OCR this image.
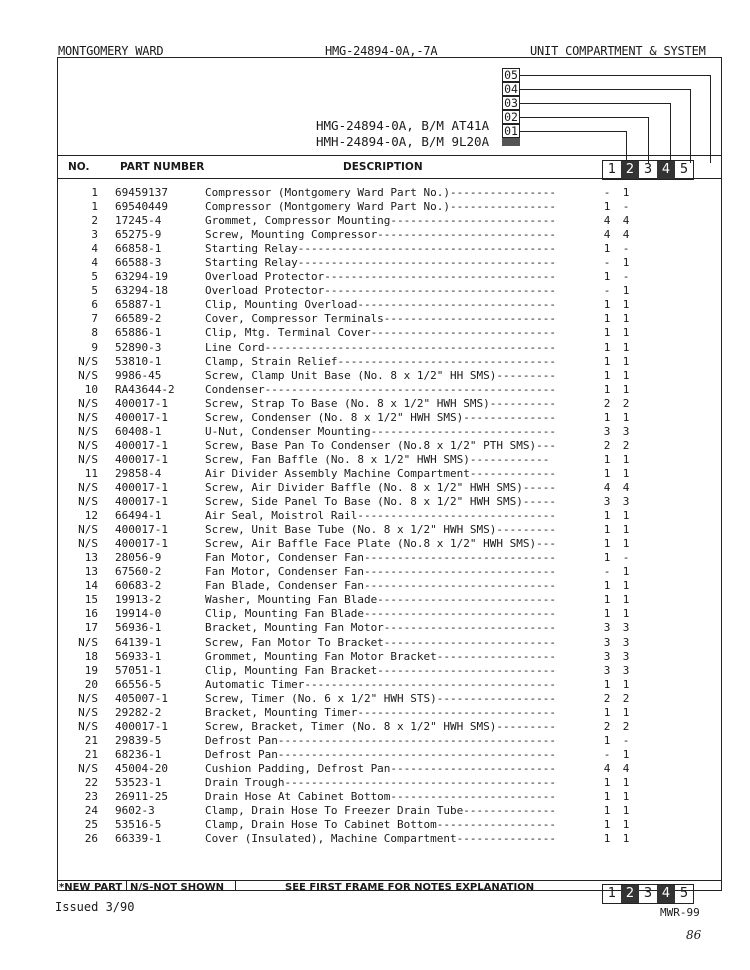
MONTGOMERY WARD	HMG-24894-0A,-7A	UNIT COMPARTMENT & SYSTEM
HMG-24894-0A, B/M AT41A
HMH-24894-0A, B/M 9L20A
05
04
03
02
01
NO.	PART NUMBER	DESCRIPTION	1 2 3 4 5
1 69459137	Compressor (Montgomery Ward Part No.)----------------	-	1
1 69540449	Compressor (Montgomery Ward Part No.)----------------	1	-
2 17245-4	Grommet, Compressor Mounting-------------------------	4	4
3 65275-9	Screw, Mounting Compressor---------------------------	4	4
4 66858-1	Starting Relay---------------------------------------	1	-
4 66588-3	Starting Relay---------------------------------------	-	1
5 63294-19	Overload Protector-----------------------------------	1	-
5 63294-18	Overload Protector-----------------------------------	-	1
6 65887-1	Clip, Mounting Overload------------------------------	1	1
7 66589-2	Cover, Compressor Terminals--------------------------	1	1
8 65886-1	Clip, Mtg. Terminal Cover----------------------------	1	1
9 52890-3	Line Cord--------------------------------------------	1	1
N/S 53810-1	Clamp, Strain Relief---------------------------------	1	1
N/S 9986-45	Screw, Clamp Unit Base (No. 8 x 1/2" HH SMS)---------	1	1
10 RA43644-2	Condenser--------------------------------------------	1	1
N/S 400017-1	Screw, Strap To Base (No. 8 x 1/2" HWH SMS)----------	2	2
N/S 400017-1	Screw, Condenser (No. 8 x 1/2" HWH SMS)--------------	1	1
N/S 60408-1	U-Nut, Condenser Mounting----------------------------	3	3
N/S 400017-1	Screw, Base Pan To Condenser (No.8 x 1/2" PTH SMS)---	2	2
N/S 400017-1	Screw, Fan Baffle (No. 8 x 1/2" HWH SMS)------------	1	1
11 29858-4	Air Divider Assembly Machine Compartment-------------	1	1
N/S 400017-1	Screw, Air Divider Baffle (No. 8 x 1/2" HWH SMS)-----	4	4
N/S 400017-1	Screw, Side Panel To Base (No. 8 x 1/2" HWH SMS)-----	3	3
12 66494-1	Air Seal, Moistrol Rail------------------------------	1	1
N/S 400017-1	Screw, Unit Base Tube (No. 8 x 1/2" HWH SMS)---------	1	1
N/S 400017-1	Screw, Air Baffle Face Plate (No.8 x 1/2" HWH SMS)---	1	1
13 28056-9	Fan Motor, Condenser Fan-----------------------------	1	-
13 67560-2	Fan Motor, Condenser Fan-----------------------------	-	1
14 60683-2	Fan Blade, Condenser Fan-----------------------------	1	1
15 19913-2	Washer, Mounting Fan Blade---------------------------	1	1
16 19914-0	Clip, Mounting Fan Blade-----------------------------	1	1
17 56936-1	Bracket, Mounting Fan Motor--------------------------	3	3
N/S 64139-1	Screw, Fan Motor To Bracket--------------------------	3	3
18 56933-1	Grommet, Mounting Fan Motor Bracket------------------	3	3
19 57051-1	Clip, Mounting Fan Bracket---------------------------	3	3
20 66556-5	Automatic Timer--------------------------------------	1	1
N/S 405007-1	Screw, Timer (No. 6 x 1/2" HWH STS)------------------	2	2
N/S 29282-2	Bracket, Mounting Timer------------------------------	1	1
N/S 400017-1	Screw, Bracket, Timer (No. 8 x 1/2" HWH SMS)---------	2	2
21 29839-5	Defrost Pan------------------------------------------	1	-
21 68236-1	Defrost Pan------------------------------------------	-	1
N/S 45004-20	Cushion Padding, Defrost Pan-------------------------	4	4
22 53523-1	Drain Trough-----------------------------------------	1	1
23 26911-25	Drain Hose At Cabinet Bottom-------------------------	1	1
24 9602-3	Clamp, Drain Hose To Freezer Drain Tube--------------	1	1
25 53516-5	Clamp, Drain Hose To Cabinet Bottom------------------	1	1
26 66339-1	Cover (Insulated), Machine Compartment---------------	1	1
*NEW PART N/S-NOT SHOWN	SEE FIRST FRAME FOR NOTES EXPLANATION	1 2 3 4 5
Issued 3/90	MWR-99
86
